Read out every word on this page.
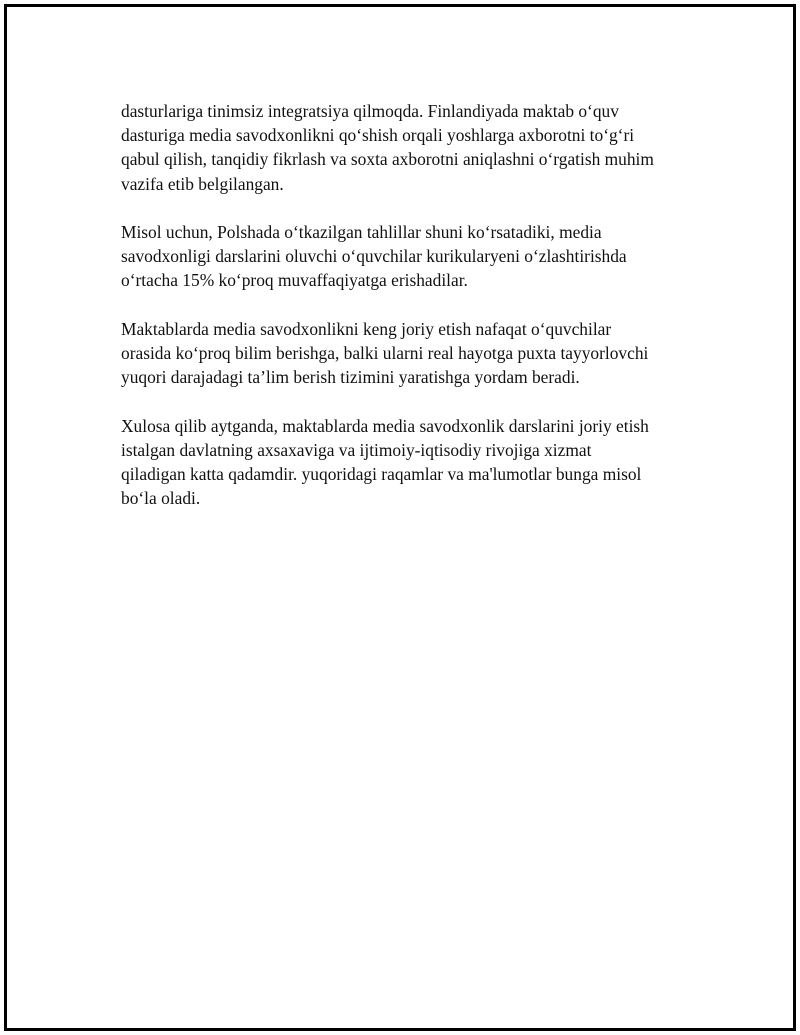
dasturlariga tinimsiz integratsiya qilmoqda. Finlandiyada maktab o‘quv
dasturiga media savodxonlikni qo‘shish orqali yoshlarga axborotni to‘g‘ri
qabul qilish, tanqidiy fikrlash va soxta axborotni aniqlashni o‘rgatish muhim
vazifa etib belgilangan.

Misol uchun, Polshada o‘tkazilgan tahlillar shuni ko‘rsatadiki, media
savodxonligi darslarini oluvchi o‘quvchilar kurikularyeni o‘zlashtirishda
o‘rtacha 15% ko‘proq muvaffaqiyatga erishadilar.

Maktablarda media savodxonlikni keng joriy etish nafaqat o‘quvchilar
orasida ko‘proq bilim berishga, balki ularni real hayotga puxta tayyorlovchi
yuqori darajadagi ta’lim berish tizimini yaratishga yordam beradi.

Xulosa qilib aytganda, maktablarda media savodxonlik darslarini joriy etish
istalgan davlatning axsaxaviga va ijtimoiy-iqtisodiy rivojiga xizmat
qiladigan katta qadamdir. yuqoridagi raqamlar va ma'lumotlar bunga misol
bo‘la oladi.
